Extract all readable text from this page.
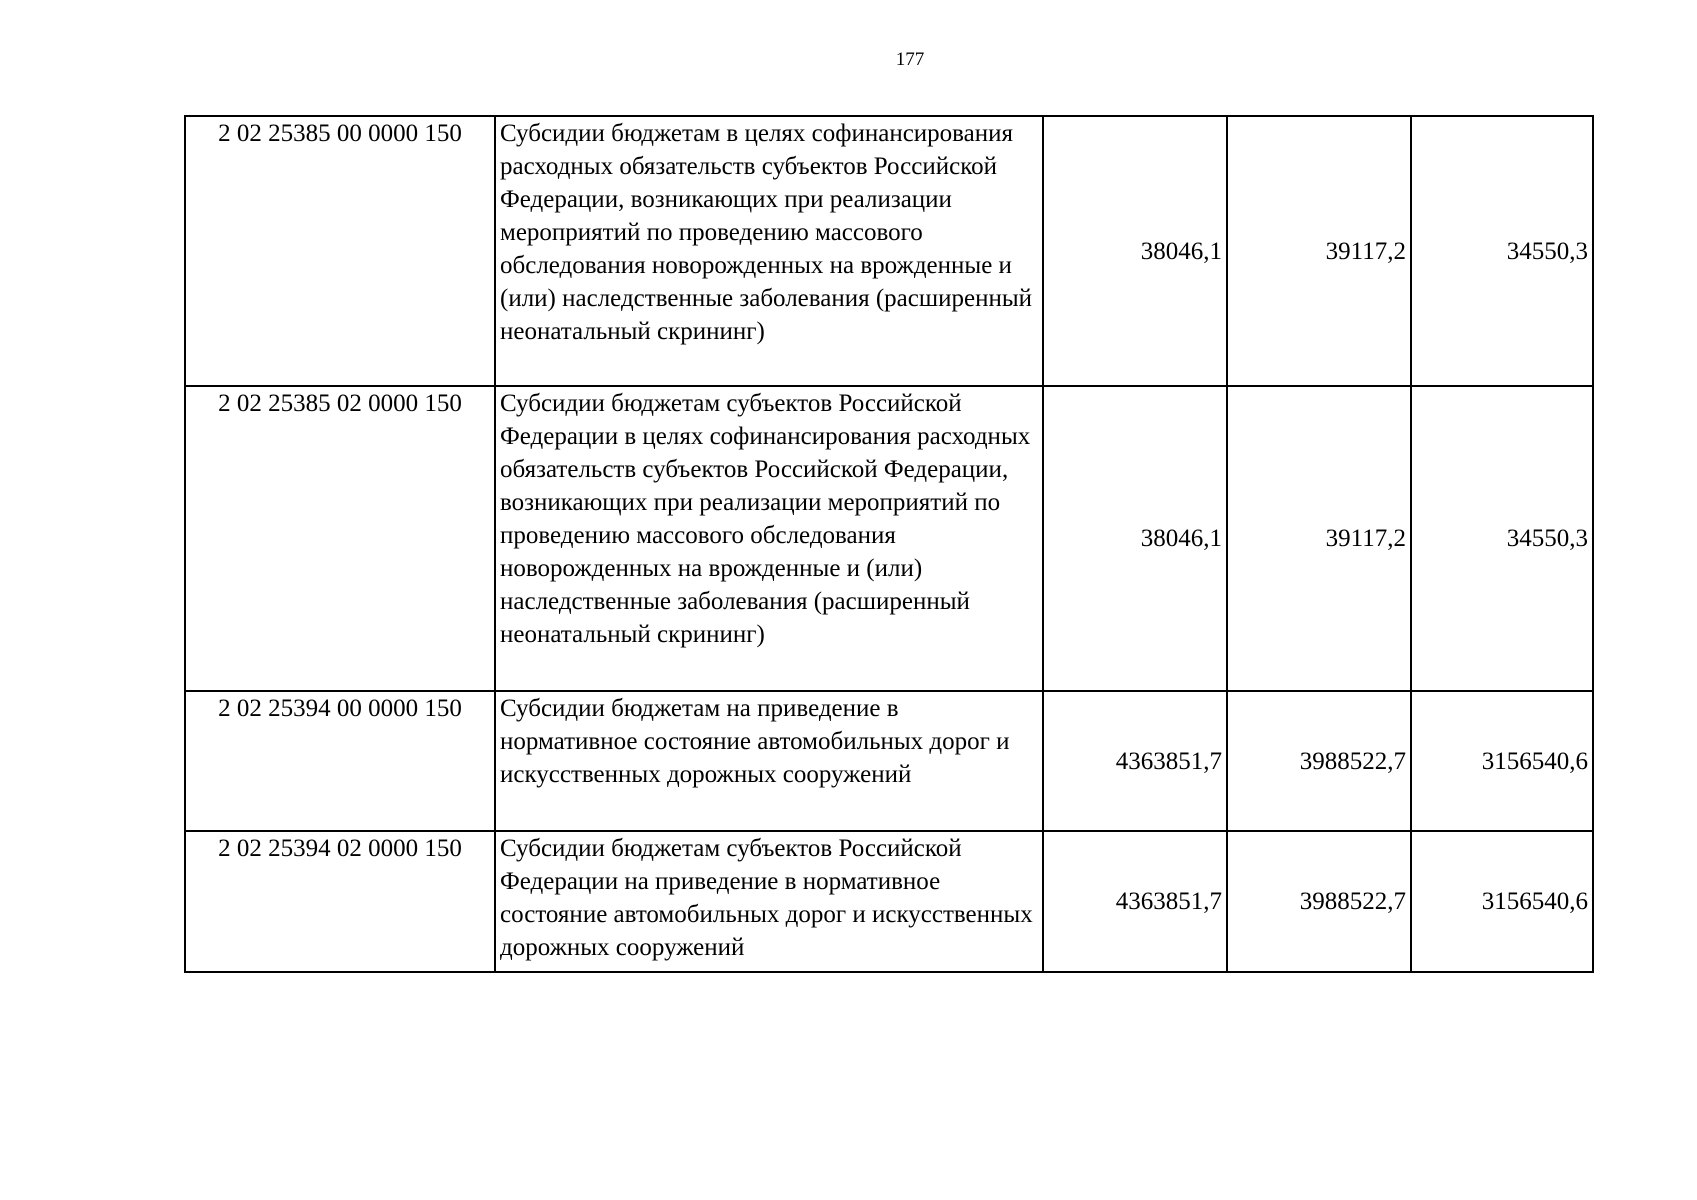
177
2 02 25385 00 0000 150	Субсидии бюджетам в целях софинансирования расходных обязательств субъектов Российской Федерации, возникающих при реализации мероприятий по проведению массового обследования новорожденных на врожденные и (или) наследственные заболевания (расширенный неонатальный скрининг)	38046,1	39117,2	34550,3
2 02 25385 02 0000 150	Субсидии бюджетам субъектов Российской Федерации в целях софинансирования расходных обязательств субъектов Российской Федерации, возникающих при реализации мероприятий по проведению массового обследования новорожденных на врожденные и (или) наследственные заболевания (расширенный неонатальный скрининг)	38046,1	39117,2	34550,3
2 02 25394 00 0000 150	Субсидии бюджетам на приведение в нормативное состояние автомобильных дорог и искусственных дорожных сооружений	4363851,7	3988522,7	3156540,6
2 02 25394 02 0000 150	Субсидии бюджетам субъектов Российской Федерации на приведение в нормативное состояние автомобильных дорог и искусственных дорожных сооружений	4363851,7	3988522,7	3156540,6
